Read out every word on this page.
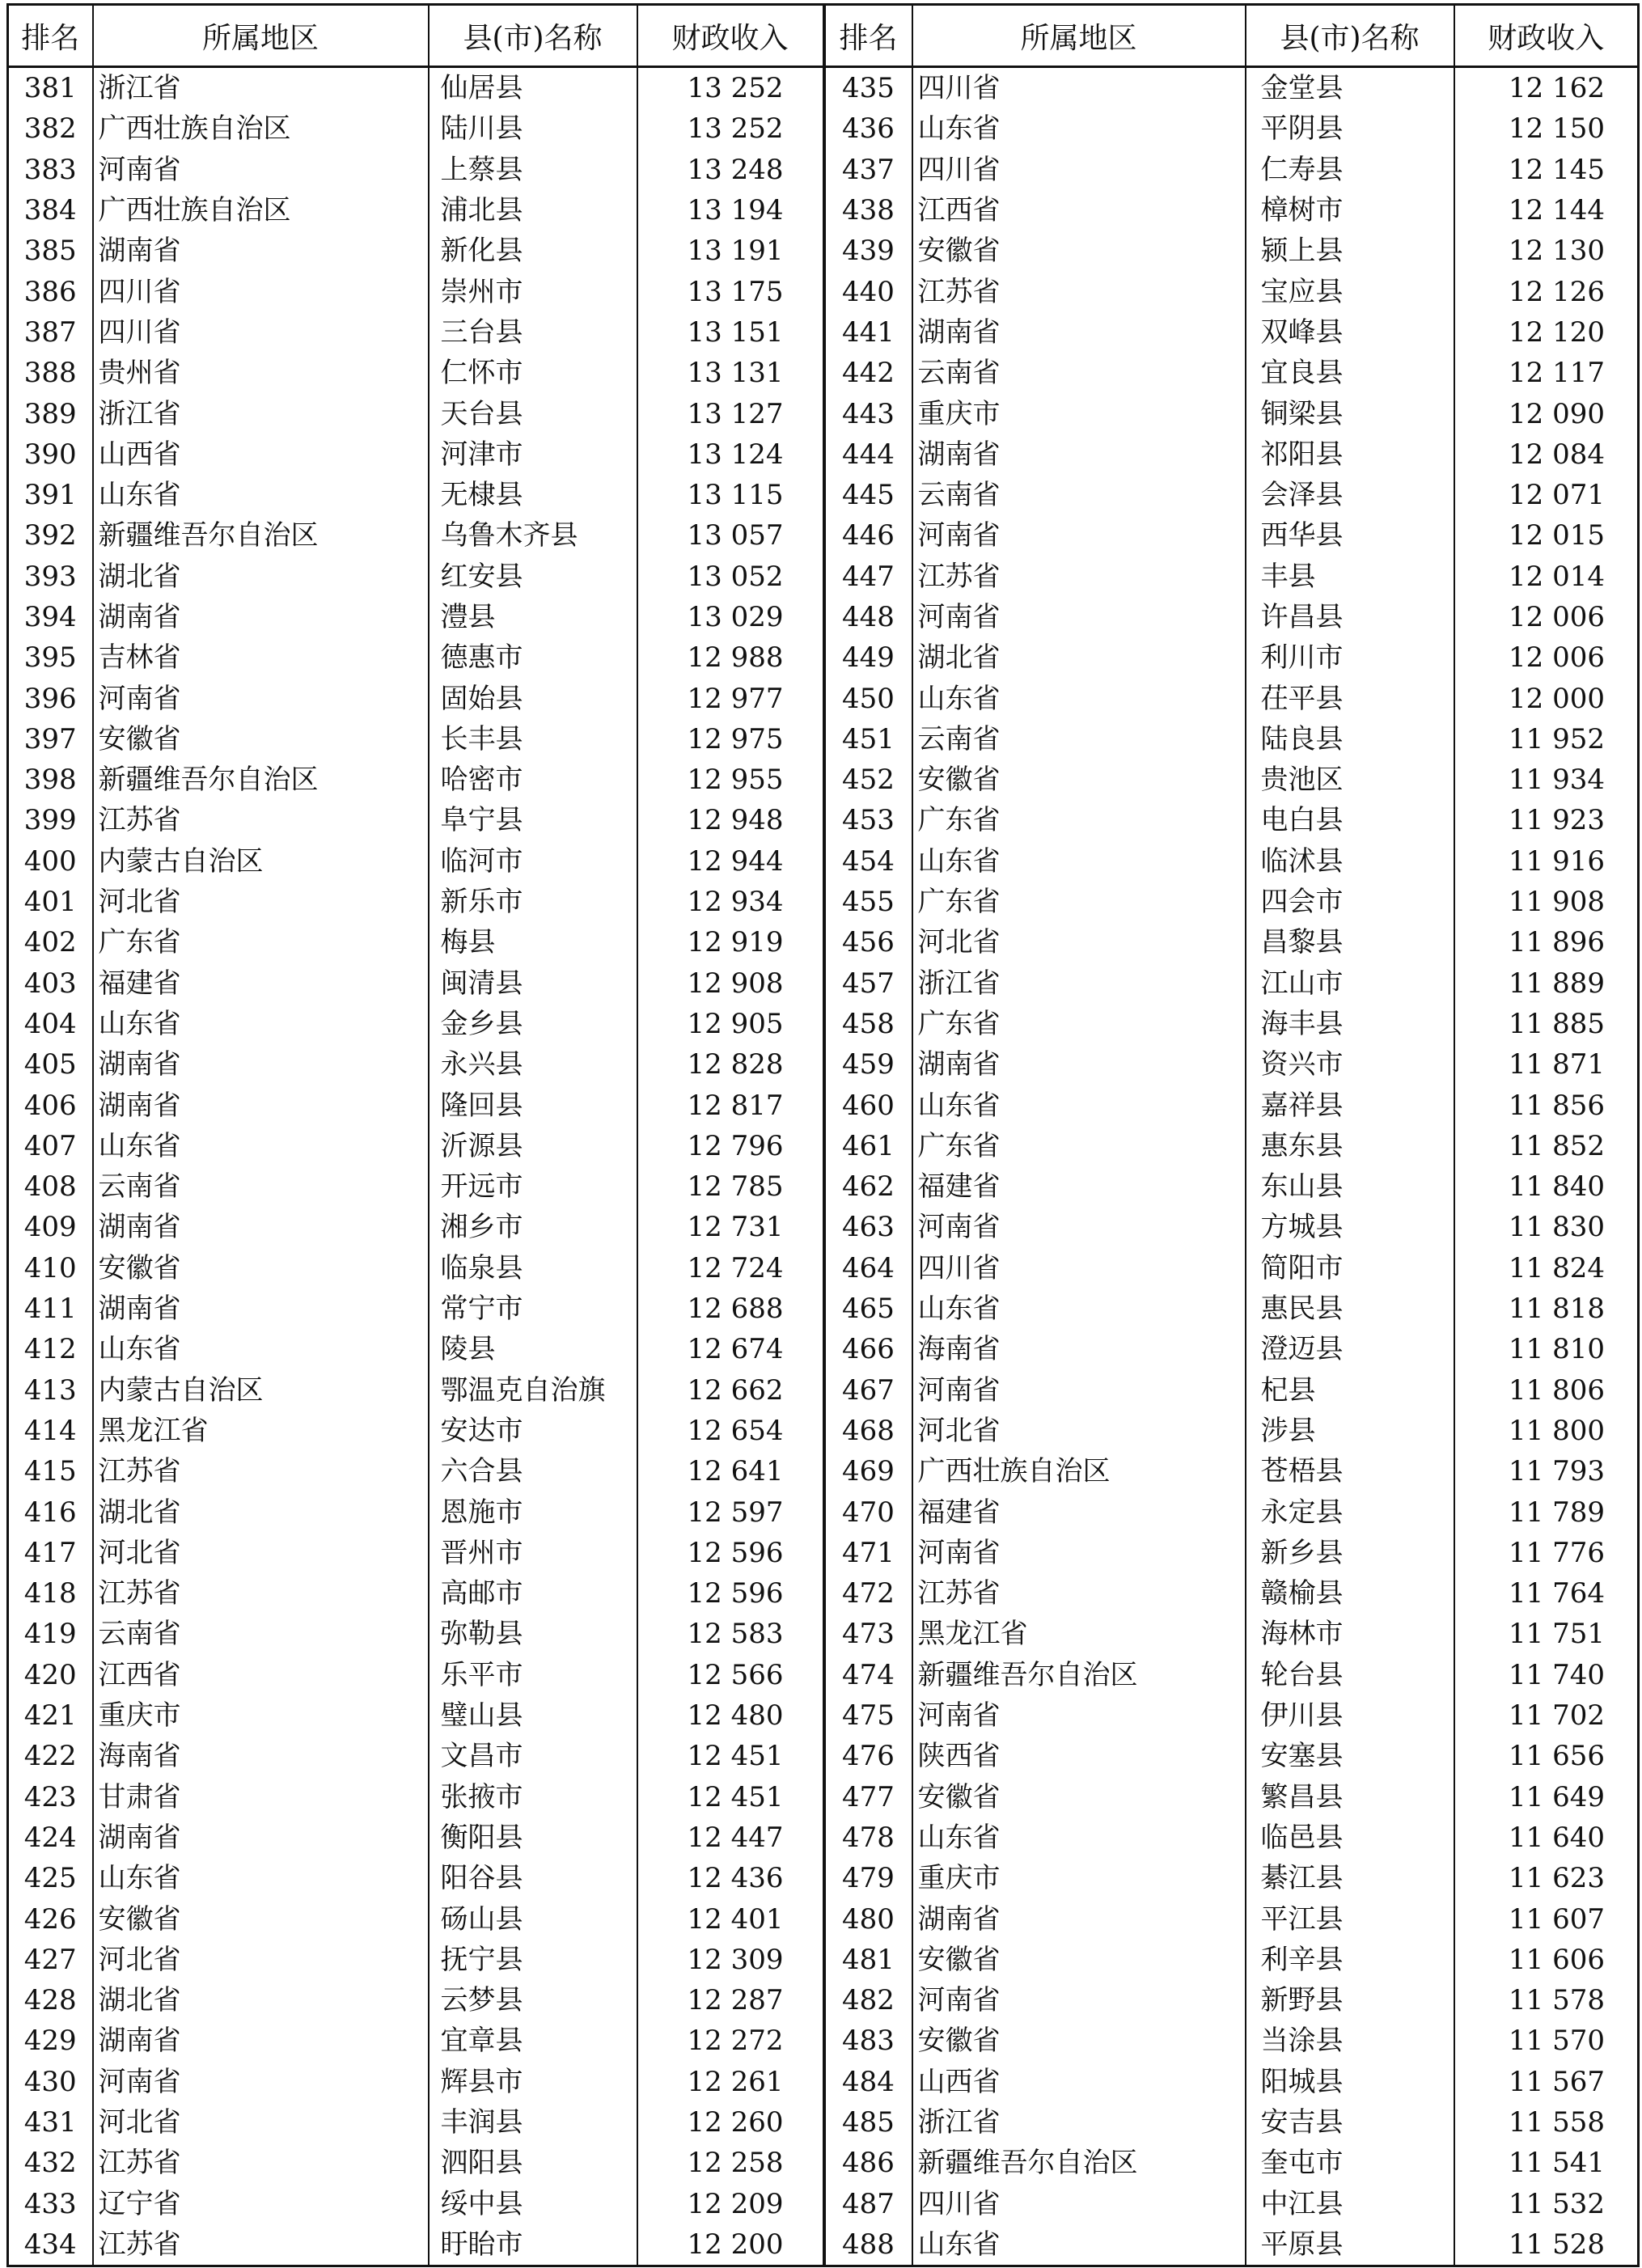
排名	所属地区	县(市)名称	财政收入
381	浙江省	仙居县	13 252
382	广西壮族自治区	陆川县	13 252
383	河南省	上蔡县	13 248
384	广西壮族自治区	浦北县	13 194
385	湖南省	新化县	13 191
386	四川省	崇州市	13 175
387	四川省	三台县	13 151
388	贵州省	仁怀市	13 131
389	浙江省	天台县	13 127
390	山西省	河津市	13 124
391	山东省	无棣县	13 115
392	新疆维吾尔自治区	乌鲁木齐县	13 057
393	湖北省	红安县	13 052
394	湖南省	澧县	13 029
395	吉林省	德惠市	12 988
396	河南省	固始县	12 977
397	安徽省	长丰县	12 975
398	新疆维吾尔自治区	哈密市	12 955
399	江苏省	阜宁县	12 948
400	内蒙古自治区	临河市	12 944
401	河北省	新乐市	12 934
402	广东省	梅县	12 919
403	福建省	闽清县	12 908
404	山东省	金乡县	12 905
405	湖南省	永兴县	12 828
406	湖南省	隆回县	12 817
407	山东省	沂源县	12 796
408	云南省	开远市	12 785
409	湖南省	湘乡市	12 731
410	安徽省	临泉县	12 724
411	湖南省	常宁市	12 688
412	山东省	陵县	12 674
413	内蒙古自治区	鄂温克自治旗	12 662
414	黑龙江省	安达市	12 654
415	江苏省	六合县	12 641
416	湖北省	恩施市	12 597
417	河北省	晋州市	12 596
418	江苏省	高邮市	12 596
419	云南省	弥勒县	12 583
420	江西省	乐平市	12 566
421	重庆市	璧山县	12 480
422	海南省	文昌市	12 451
423	甘肃省	张掖市	12 451
424	湖南省	衡阳县	12 447
425	山东省	阳谷县	12 436
426	安徽省	砀山县	12 401
427	河北省	抚宁县	12 309
428	湖北省	云梦县	12 287
429	湖南省	宜章县	12 272
430	河南省	辉县市	12 261
431	河北省	丰润县	12 260
432	江苏省	泗阳县	12 258
433	辽宁省	绥中县	12 209
434	江苏省	盱眙市	12 200
排名	所属地区	县(市)名称	财政收入
435	四川省	金堂县	12 162
436	山东省	平阴县	12 150
437	四川省	仁寿县	12 145
438	江西省	樟树市	12 144
439	安徽省	颍上县	12 130
440	江苏省	宝应县	12 126
441	湖南省	双峰县	12 120
442	云南省	宜良县	12 117
443	重庆市	铜梁县	12 090
444	湖南省	祁阳县	12 084
445	云南省	会泽县	12 071
446	河南省	西华县	12 015
447	江苏省	丰县	12 014
448	河南省	许昌县	12 006
449	湖北省	利川市	12 006
450	山东省	茌平县	12 000
451	云南省	陆良县	11 952
452	安徽省	贵池区	11 934
453	广东省	电白县	11 923
454	山东省	临沭县	11 916
455	广东省	四会市	11 908
456	河北省	昌黎县	11 896
457	浙江省	江山市	11 889
458	广东省	海丰县	11 885
459	湖南省	资兴市	11 871
460	山东省	嘉祥县	11 856
461	广东省	惠东县	11 852
462	福建省	东山县	11 840
463	河南省	方城县	11 830
464	四川省	简阳市	11 824
465	山东省	惠民县	11 818
466	海南省	澄迈县	11 810
467	河南省	杞县	11 806
468	河北省	涉县	11 800
469	广西壮族自治区	苍梧县	11 793
470	福建省	永定县	11 789
471	河南省	新乡县	11 776
472	江苏省	赣榆县	11 764
473	黑龙江省	海林市	11 751
474	新疆维吾尔自治区	轮台县	11 740
475	河南省	伊川县	11 702
476	陕西省	安塞县	11 656
477	安徽省	繁昌县	11 649
478	山东省	临邑县	11 640
479	重庆市	綦江县	11 623
480	湖南省	平江县	11 607
481	安徽省	利辛县	11 606
482	河南省	新野县	11 578
483	安徽省	当涂县	11 570
484	山西省	阳城县	11 567
485	浙江省	安吉县	11 558
486	新疆维吾尔自治区	奎屯市	11 541
487	四川省	中江县	11 532
488	山东省	平原县	11 528
